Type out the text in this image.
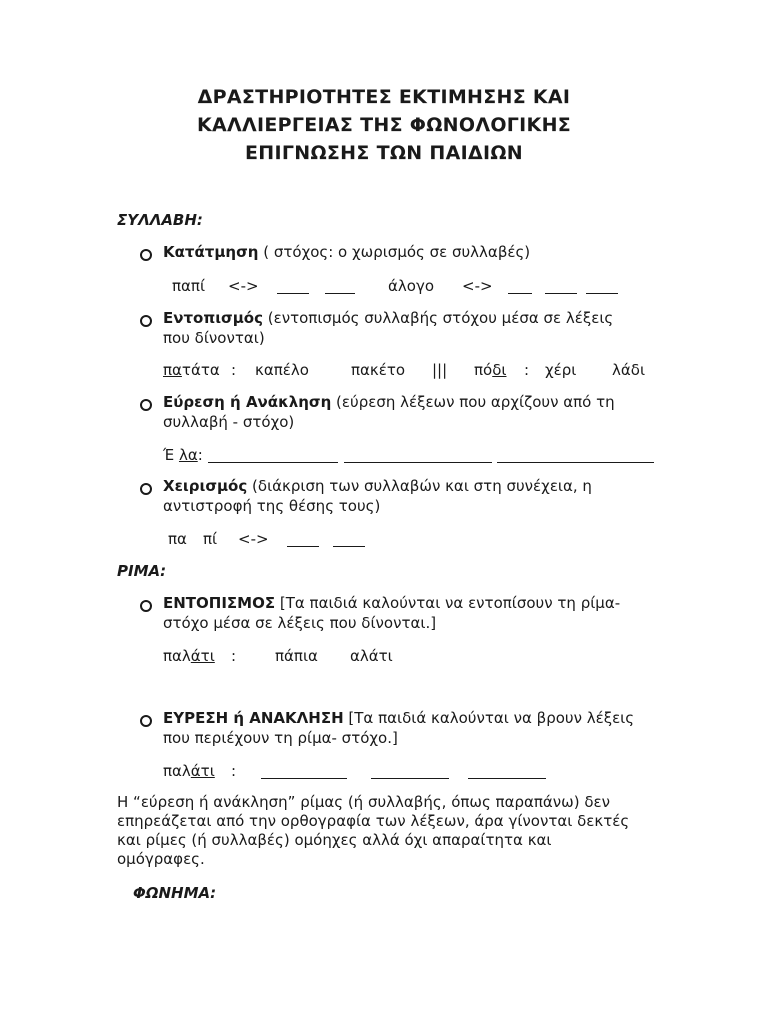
ΔΡΑΣΤΗΡΙΟΤΗΤΕΣ ΕΚΤΙΜΗΣΗΣ ΚΑΙ
ΚΑΛΛΙΕΡΓΕΙΑΣ ΤΗΣ ΦΩΝΟΛΟΓΙΚΗΣ
ΕΠΙΓΝΩΣΗΣ ΤΩΝ ΠΑΙΔΙΩΝ
ΣΥΛΛΑΒΗ:
Κατάτμηση ( στόχος: ο χωρισμός σε συλλαβές)
παπί <->	άλογο <->
Εντοπισμός (εντοπισμός συλλαβής στόχου μέσα σε λέξεις
που δίνονται)
πατάτα : καπέλο	πακέτο ||| πόδι : χέρι λάδι
Εύρεση ή Ανάκληση (εύρεση λέξεων που αρχίζουν από τη
συλλαβή - στόχο)
Έ λα:
Χειρισμός (διάκριση των συλλαβών και στη συνέχεια, η
αντιστροφή της θέσης τους)
πα πί <->
ΡΙΜΑ:
ΕΝΤΟΠΙΣΜΟΣ [Τα παιδιά καλούνται να εντοπίσουν τη ρίμα-
στόχο μέσα σε λέξεις που δίνονται.]
παλάτι :	πάπια αλάτι
ΕΥΡΕΣΗ ή ΑΝΑΚΛΗΣΗ [Τα παιδιά καλούνται να βρουν λέξεις
που περιέχουν τη ρίμα- στόχο.]
παλάτι :
Η “εύρεση ή ανάκληση” ρίμας (ή συλλαβής, όπως παραπάνω) δεν
επηρεάζεται από την ορθογραφία των λέξεων, άρα γίνονται δεκτές
και ρίμες (ή συλλαβές) ομόηχες αλλά όχι απαραίτητα και
ομόγραφες.
ΦΩΝΗΜΑ:
